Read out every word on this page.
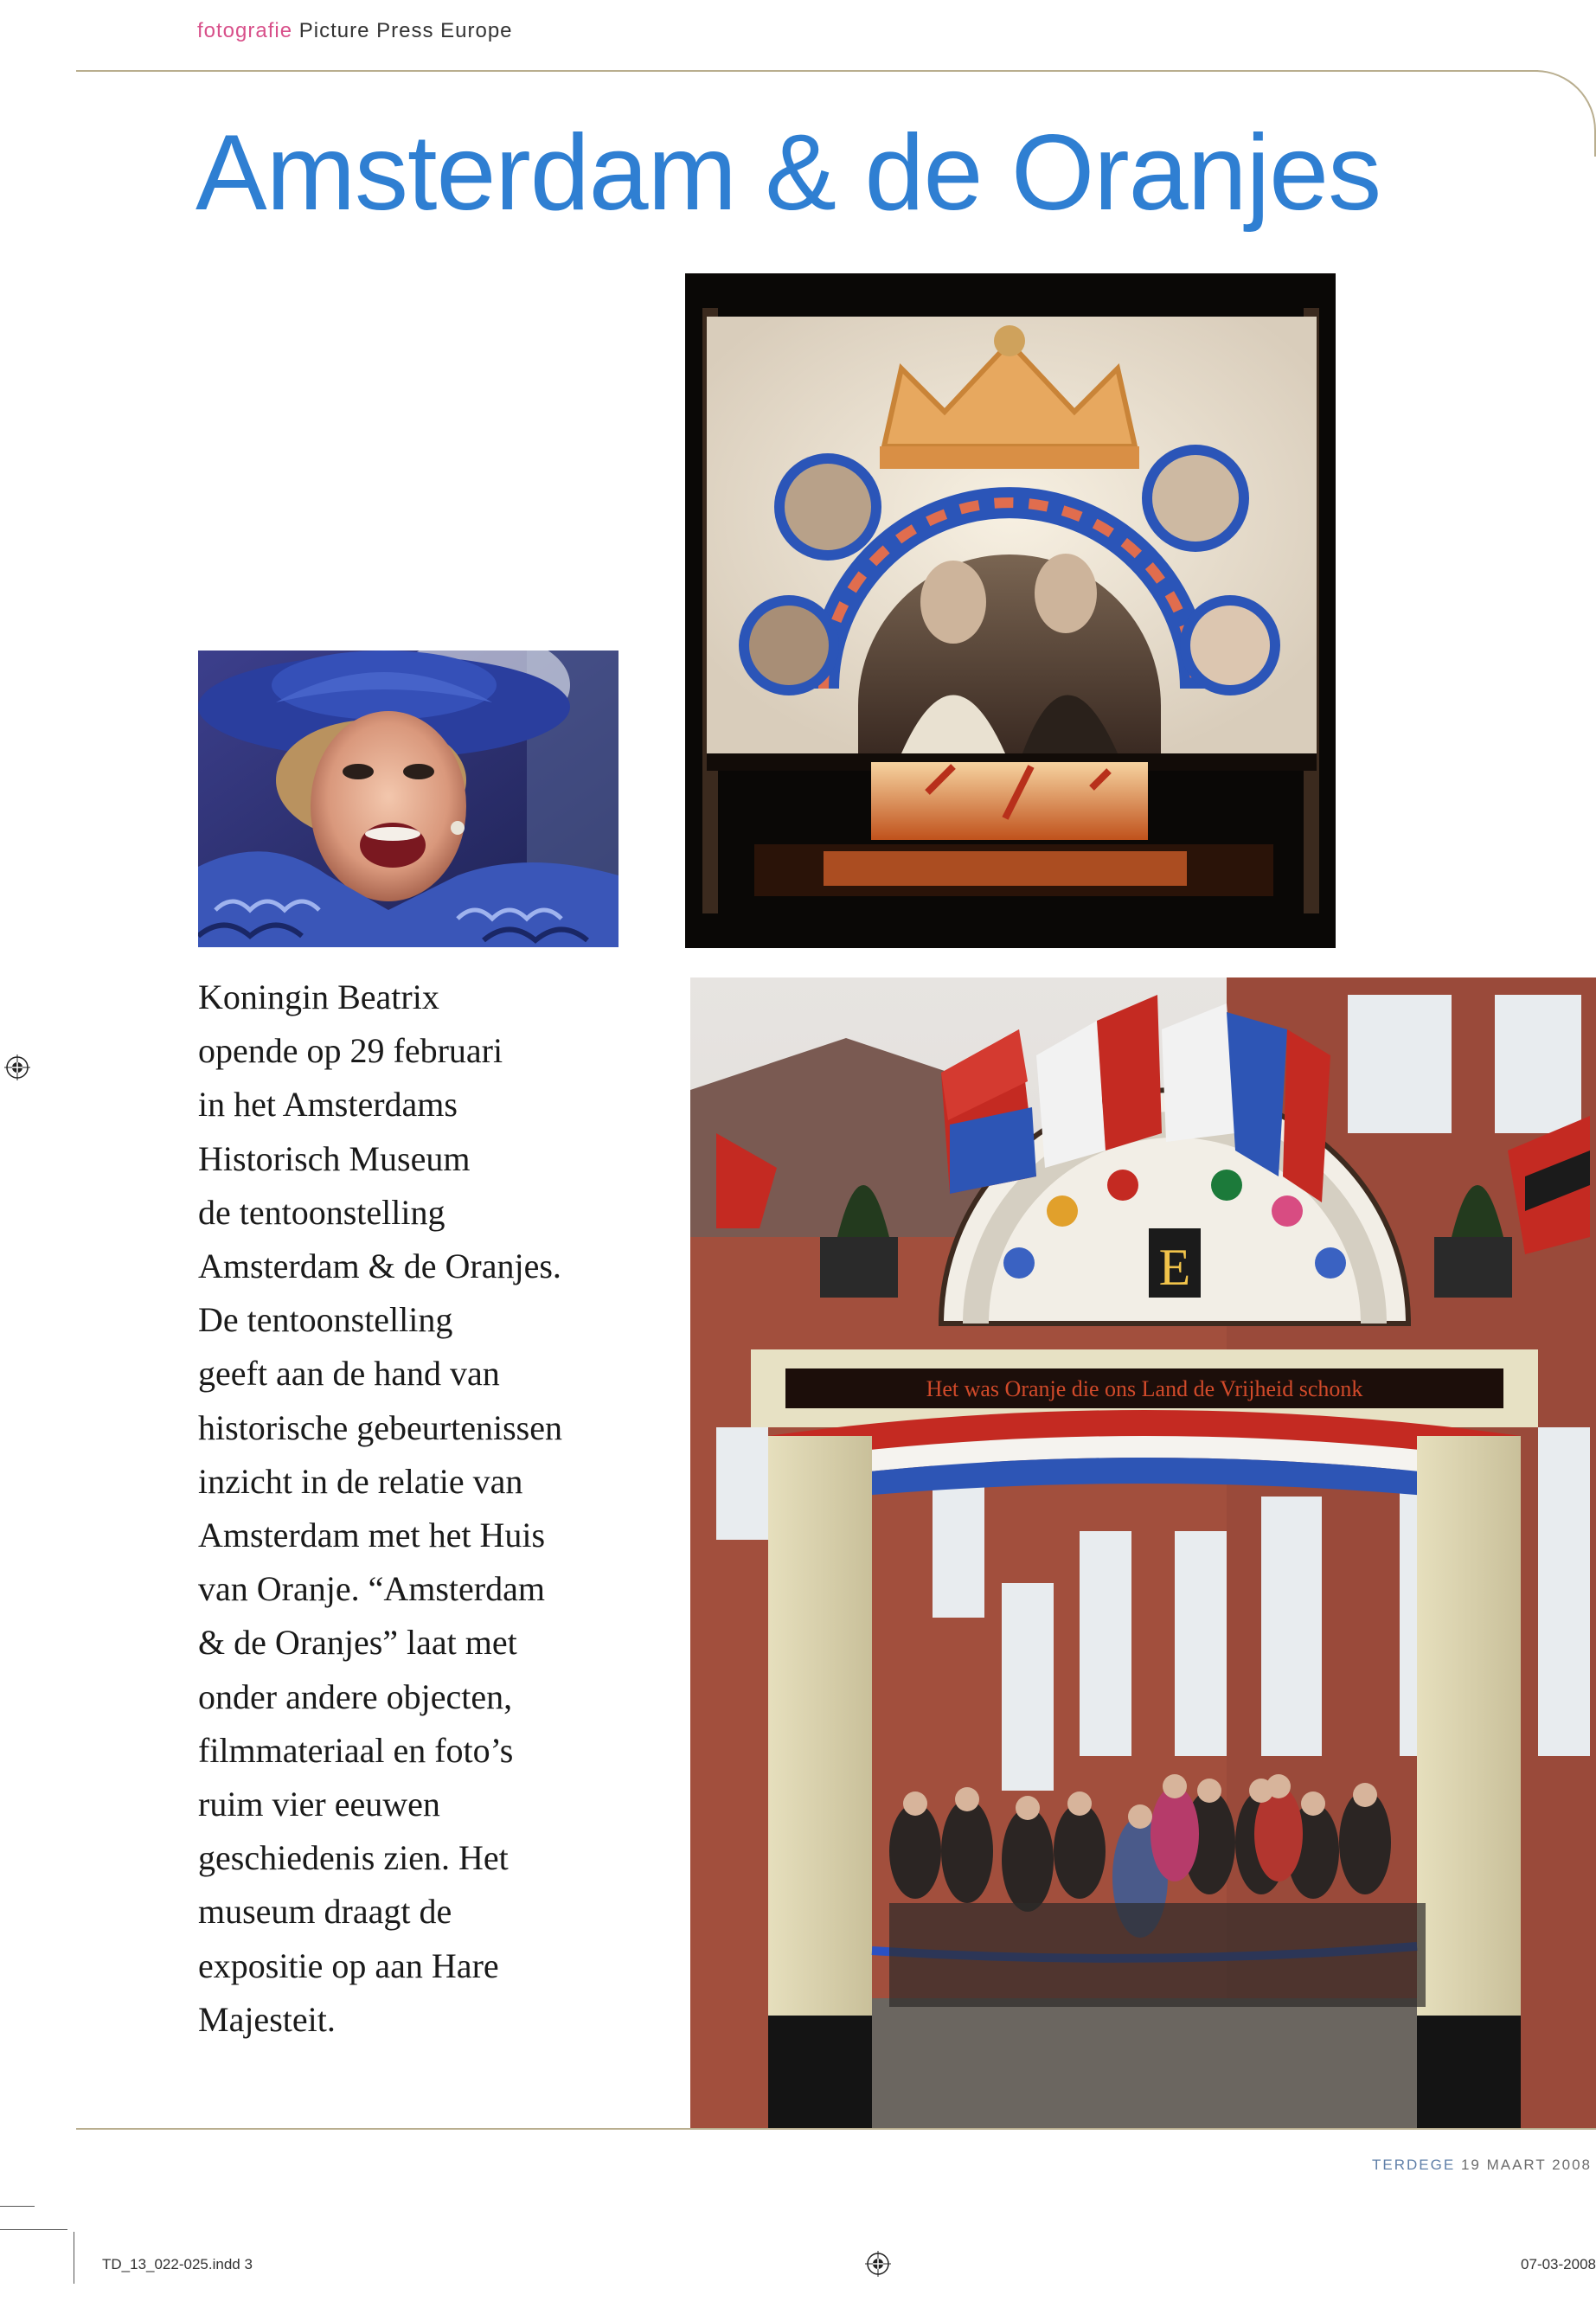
fotografie Picture Press Europe
Amsterdam & de Oranjes
E
Het was Oranje die ons Land de Vrijheid schonk
Koningin Beatrix
opende op 29 februari
in het Amsterdams
Historisch Museum
de tentoonstelling
Amsterdam & de Oranjes.
De tentoonstelling
geeft aan de hand van
historische gebeurtenissen
inzicht in de relatie van
Amsterdam met het Huis
van Oranje. “Amsterdam
& de Oranjes” laat met
onder andere objecten,
filmmateriaal en foto’s
ruim vier eeuwen
geschiedenis zien. Het
museum draagt de
expositie op aan Hare
Majesteit.
TERDEGE 19 MAART 2008
TD_13_022-025.indd 3	07-03-2008
